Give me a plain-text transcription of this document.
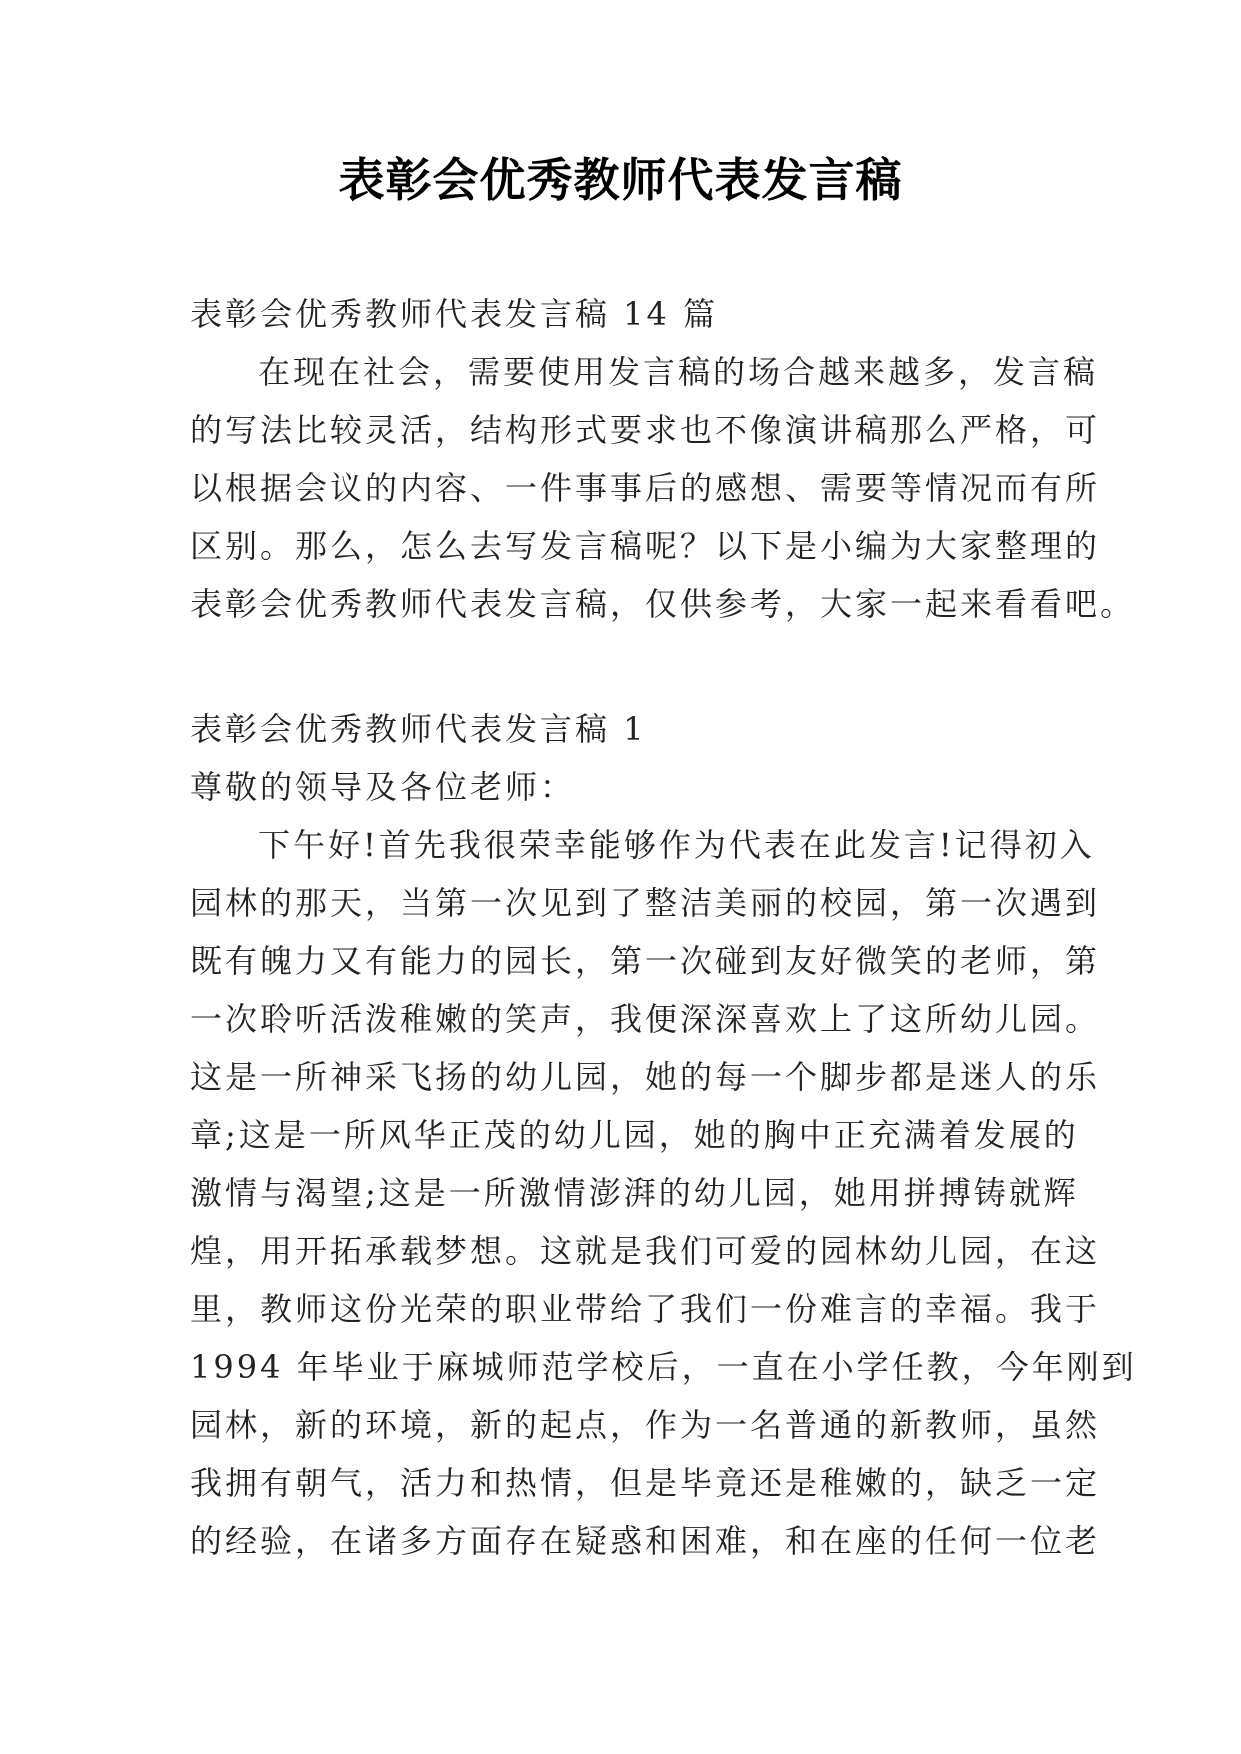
表彰会优秀教师代表发言稿
表彰会优秀教师代表发言稿 14 篇
在现在社会，需要使用发言稿的场合越来越多，发言稿
的写法比较灵活，结构形式要求也不像演讲稿那么严格，可
以根据会议的内容、一件事事后的感想、需要等情况而有所
区别。那么，怎么去写发言稿呢？以下是小编为大家整理的
表彰会优秀教师代表发言稿，仅供参考，大家一起来看看吧。
表彰会优秀教师代表发言稿 1
尊敬的领导及各位老师：
下午好!首先我很荣幸能够作为代表在此发言!记得初入
园林的那天，当第一次见到了整洁美丽的校园，第一次遇到
既有魄力又有能力的园长，第一次碰到友好微笑的老师，第
一次聆听活泼稚嫩的笑声，我便深深喜欢上了这所幼儿园。
这是一所神采飞扬的幼儿园，她的每一个脚步都是迷人的乐
章;这是一所风华正茂的幼儿园，她的胸中正充满着发展的
激情与渴望;这是一所激情澎湃的幼儿园，她用拼搏铸就辉
煌，用开拓承载梦想。这就是我们可爱的园林幼儿园，在这
里，教师这份光荣的职业带给了我们一份难言的幸福。我于
1994 年毕业于麻城师范学校后，一直在小学任教，今年刚到
园林，新的环境，新的起点，作为一名普通的新教师，虽然
我拥有朝气，活力和热情，但是毕竟还是稚嫩的，缺乏一定
的经验，在诸多方面存在疑惑和困难，和在座的任何一位老
